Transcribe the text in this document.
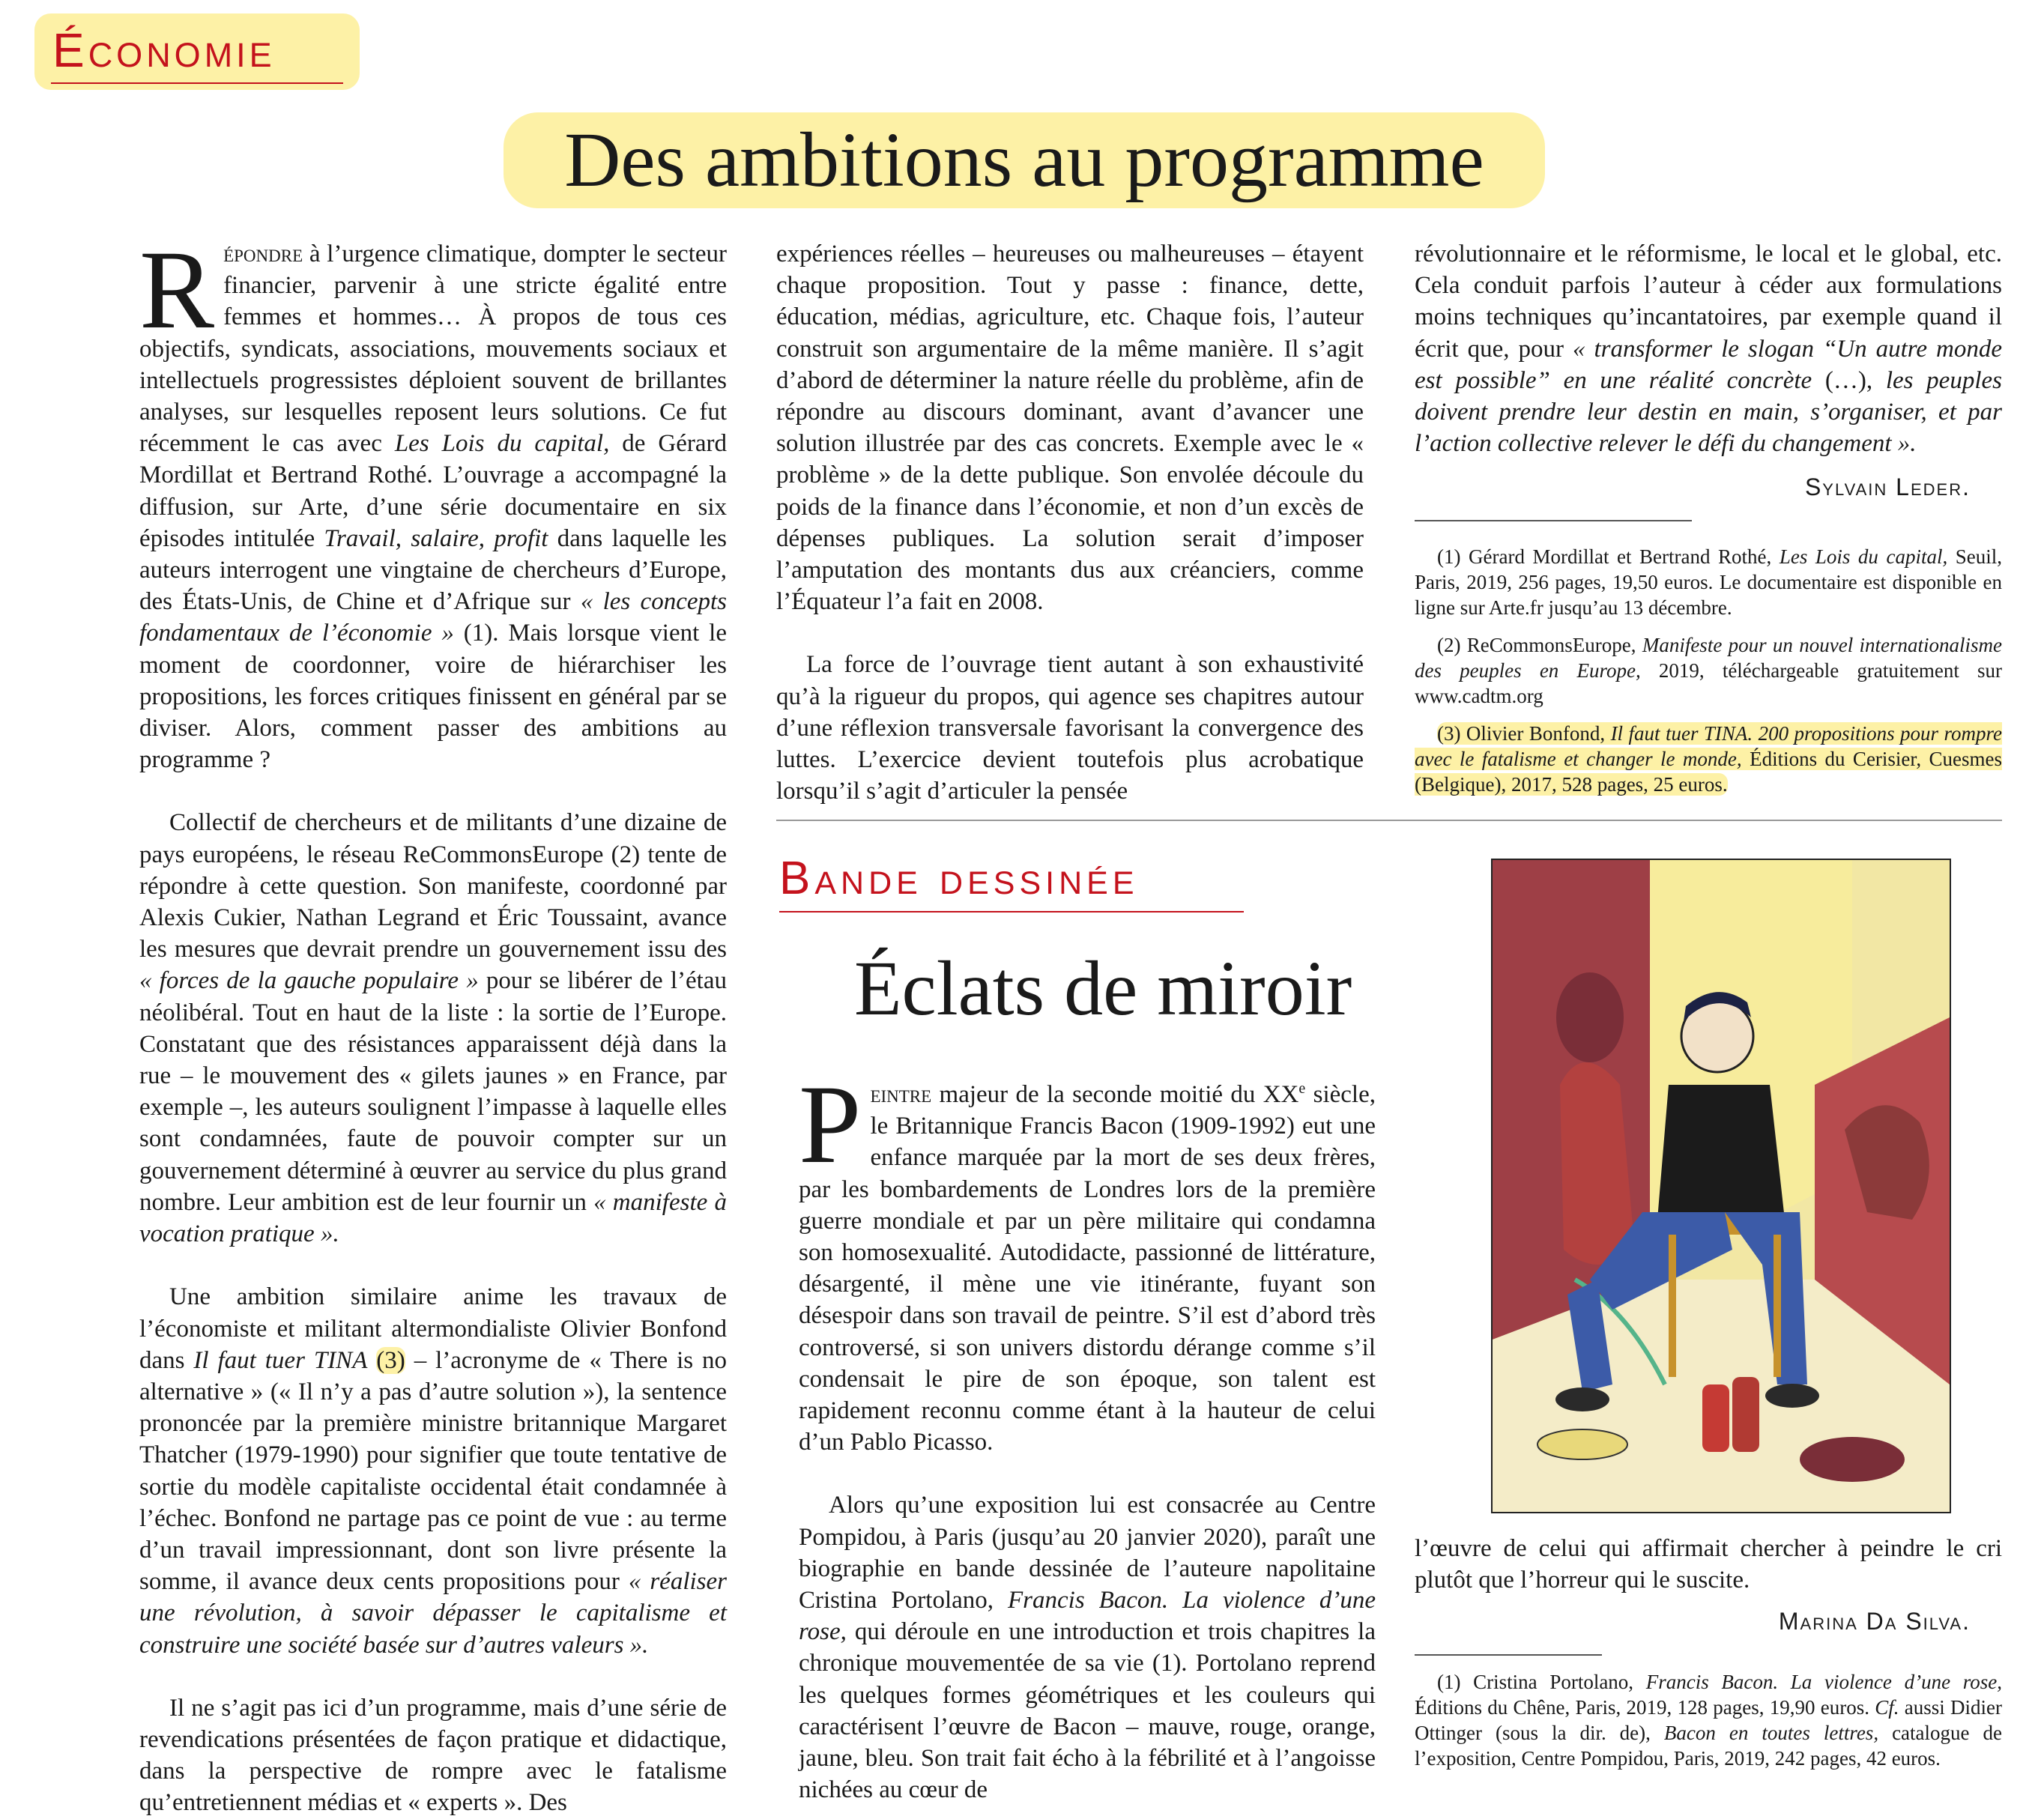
Économie
Des ambitions au programme

Répondre à l’urgence climatique, dompter le secteur financier, parvenir à une stricte égalité entre femmes et hommes… À propos de tous ces objectifs, syndicats, associations, mouvements sociaux et intellectuels progressistes déploient souvent de brillantes analyses, sur lesquelles reposent leurs solutions. Ce fut récemment le cas avec Les Lois du capital, de Gérard Mordillat et Bertrand Rothé. L’ouvrage a accompagné la diffusion, sur Arte, d’une série documentaire en six épisodes intitulée Travail, salaire, profit dans laquelle les auteurs interrogent une vingtaine de chercheurs d’Europe, des États-Unis, de Chine et d’Afrique sur « les concepts fondamentaux de l’économie » (1). Mais lorsque vient le moment de coordonner, voire de hiérarchiser les propositions, les forces critiques finissent en général par se diviser. Alors, comment passer des ambitions au programme ?

Collectif de chercheurs et de militants d’une dizaine de pays européens, le réseau ReCommonsEurope (2) tente de répondre à cette question. Son manifeste, coordonné par Alexis Cukier, Nathan Legrand et Éric Toussaint, avance les mesures que devrait prendre un gouvernement issu des « forces de la gauche populaire » pour se libérer de l’étau néolibéral. Tout en haut de la liste : la sortie de l’Europe. Constatant que des résistances apparaissent déjà dans la rue – le mouvement des « gilets jaunes » en France, par exemple –, les auteurs soulignent l’impasse à laquelle elles sont condamnées, faute de pouvoir compter sur un gouvernement déterminé à œuvrer au service du plus grand nombre. Leur ambition est de leur fournir un « manifeste à vocation pratique ».

Une ambition similaire anime les travaux de l’économiste et militant altermondialiste Olivier Bonfond dans Il faut tuer TINA (3) – l’acronyme de « There is no alternative » (« Il n’y a pas d’autre solution »), la sentence prononcée par la première ministre britannique Margaret Thatcher (1979-1990) pour signifier que toute tentative de sortie du modèle capitaliste occidental était condamnée à l’échec. Bonfond ne partage pas ce point de vue : au terme d’un travail impressionnant, dont son livre présente la somme, il avance deux cents propositions pour « réaliser une révolution, à savoir dépasser le capitalisme et construire une société basée sur d’autres valeurs ».

Il ne s’agit pas ici d’un programme, mais d’une série de revendications présentées de façon pratique et didactique, dans la perspective de rompre avec le fatalisme qu’entretiennent médias et « experts ». Des

expériences réelles – heureuses ou malheureuses – étayent chaque proposition. Tout y passe : finance, dette, éducation, médias, agriculture, etc. Chaque fois, l’auteur construit son argumentaire de la même manière. Il s’agit d’abord de déterminer la nature réelle du problème, afin de répondre au discours dominant, avant d’avancer une solution illustrée par des cas concrets. Exemple avec le « problème » de la dette publique. Son envolée découle du poids de la finance dans l’économie, et non d’un excès de dépenses publiques. La solution serait d’imposer l’amputation des montants dus aux créanciers, comme l’Équateur l’a fait en 2008.

La force de l’ouvrage tient autant à son exhaustivité qu’à la rigueur du propos, qui agence ses chapitres autour d’une réflexion transversale favorisant la convergence des luttes. L’exercice devient toutefois plus acrobatique lorsqu’il s’agit d’articuler la pensée

révolutionnaire et le réformisme, le local et le global, etc. Cela conduit parfois l’auteur à céder aux formulations moins techniques qu’incantatoires, par exemple quand il écrit que, pour « transformer le slogan “Un autre monde est possible” en une réalité concrète (…), les peuples doivent prendre leur destin en main, s’organiser, et par l’action collective relever le défi du changement ».

Sylvain Leder.

(1) Gérard Mordillat et Bertrand Rothé, Les Lois du capital, Seuil, Paris, 2019, 256 pages, 19,50 euros. Le documentaire est disponible en ligne sur Arte.fr jusqu’au 13 décembre.

(2) ReCommonsEurope, Manifeste pour un nouvel internationalisme des peuples en Europe, 2019, téléchargeable gratuitement sur www.cadtm.org

(3) Olivier Bonfond, Il faut tuer TINA. 200 propositions pour rompre avec le fatalisme et changer le monde, Éditions du Cerisier, Cuesmes (Belgique), 2017, 528 pages, 25 euros.

Bande dessinée
Éclats de miroir

Peintre majeur de la seconde moitié du XXe siècle, le Britannique Francis Bacon (1909-1992) eut une enfance marquée par la mort de ses deux frères, par les bombardements de Londres lors de la première guerre mondiale et par un père militaire qui condamna son homosexualité. Autodidacte, passionné de littérature, désargenté, il mène une vie itinérante, fuyant son désespoir dans son travail de peintre. S’il est d’abord très controversé, si son univers distordu dérange comme s’il condensait le pire de son époque, son talent est rapidement reconnu comme étant à la hauteur de celui d’un Pablo Picasso.

Alors qu’une exposition lui est consacrée au Centre Pompidou, à Paris (jusqu’au 20 janvier 2020), paraît une biographie en bande dessinée de l’auteure napolitaine Cristina Portolano, Francis Bacon. La violence d’une rose, qui déroule en une introduction et trois chapitres la chronique mouvementée de sa vie (1). Portolano reprend les quelques formes géométriques et les couleurs qui caractérisent l’œuvre de Bacon – mauve, rouge, orange, jaune, bleu. Son trait fait écho à la fébrilité et à l’angoisse nichées au cœur de

l’œuvre de celui qui affirmait chercher à peindre le cri plutôt que l’horreur qui le suscite.

Marina Da Silva.

(1) Cristina Portolano, Francis Bacon. La violence d’une rose, Éditions du Chêne, Paris, 2019, 128 pages, 19,90 euros. Cf. aussi Didier Ottinger (sous la dir. de), Bacon en toutes lettres, catalogue de l’exposition, Centre Pompidou, Paris, 2019, 242 pages, 42 euros.
